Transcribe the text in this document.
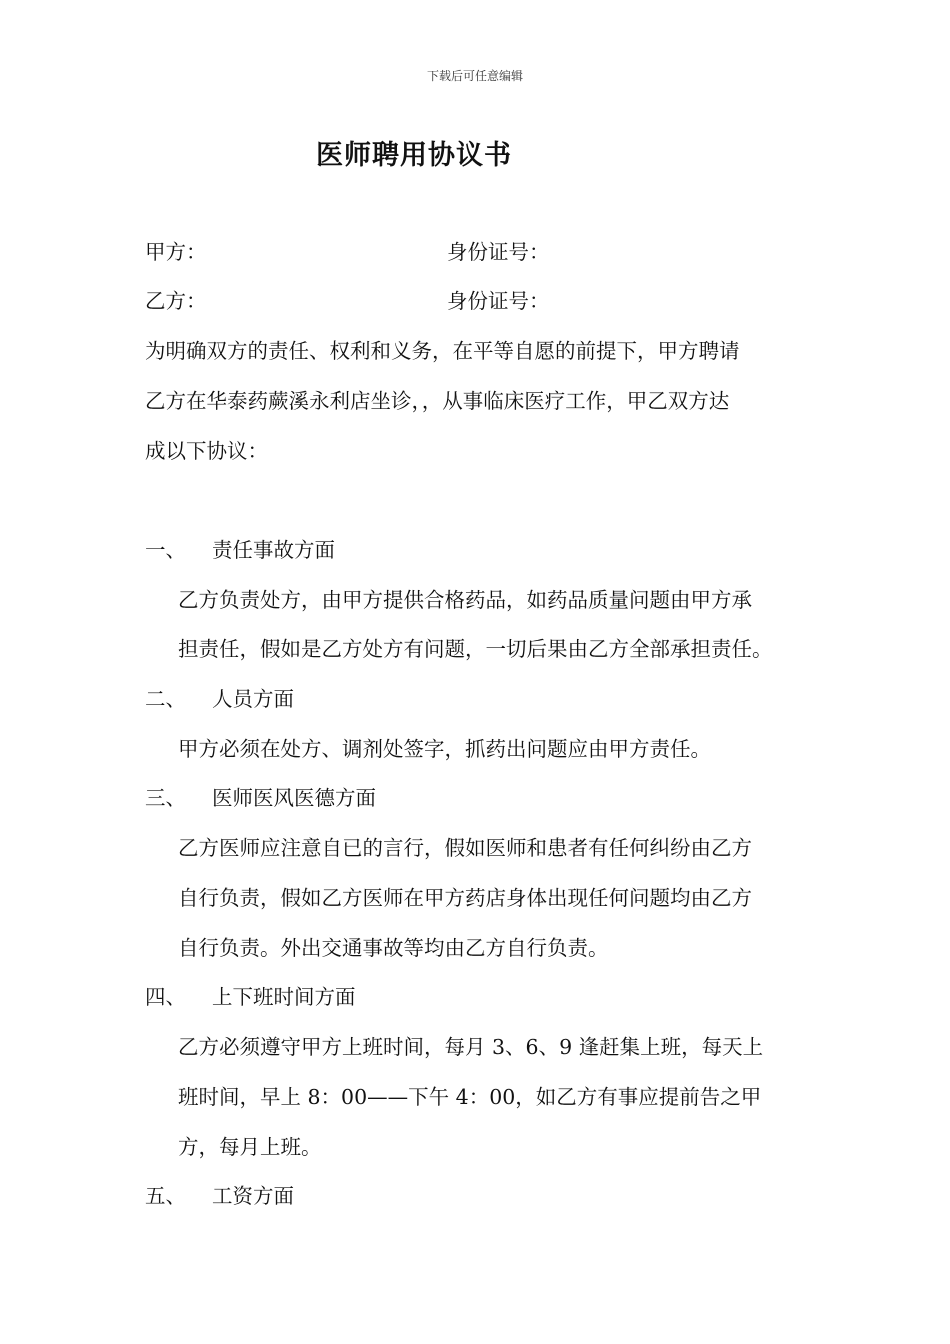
下载后可任意编辑
医师聘用协议书
甲方：	身份证号：
乙方：	身份证号：
为明确双方的责任、权利和义务，在平等自愿的前提下，甲方聘请
乙方在华泰药蕨溪永利店坐诊，，从事临床医疗工作，甲乙双方达
成以下协议：
一、 责任事故方面
乙方负责处方，由甲方提供合格药品，如药品质量问题由甲方承
担责任，假如是乙方处方有问题，一切后果由乙方全部承担责任。
二、 人员方面
甲方必须在处方、调剂处签字，抓药出问题应由甲方责任。
三、 医师医风医德方面
乙方医师应注意自已的言行，假如医师和患者有任何纠纷由乙方
自行负责，假如乙方医师在甲方药店身体出现任何问题均由乙方
自行负责。外出交通事故等均由乙方自行负责。
四、 上下班时间方面
乙方必须遵守甲方上班时间，每月 3、6、9 逢赶集上班，每天上
班时间，早上 8：00——下午 4：00，如乙方有事应提前告之甲
方，每月上班。
五、 工资方面
